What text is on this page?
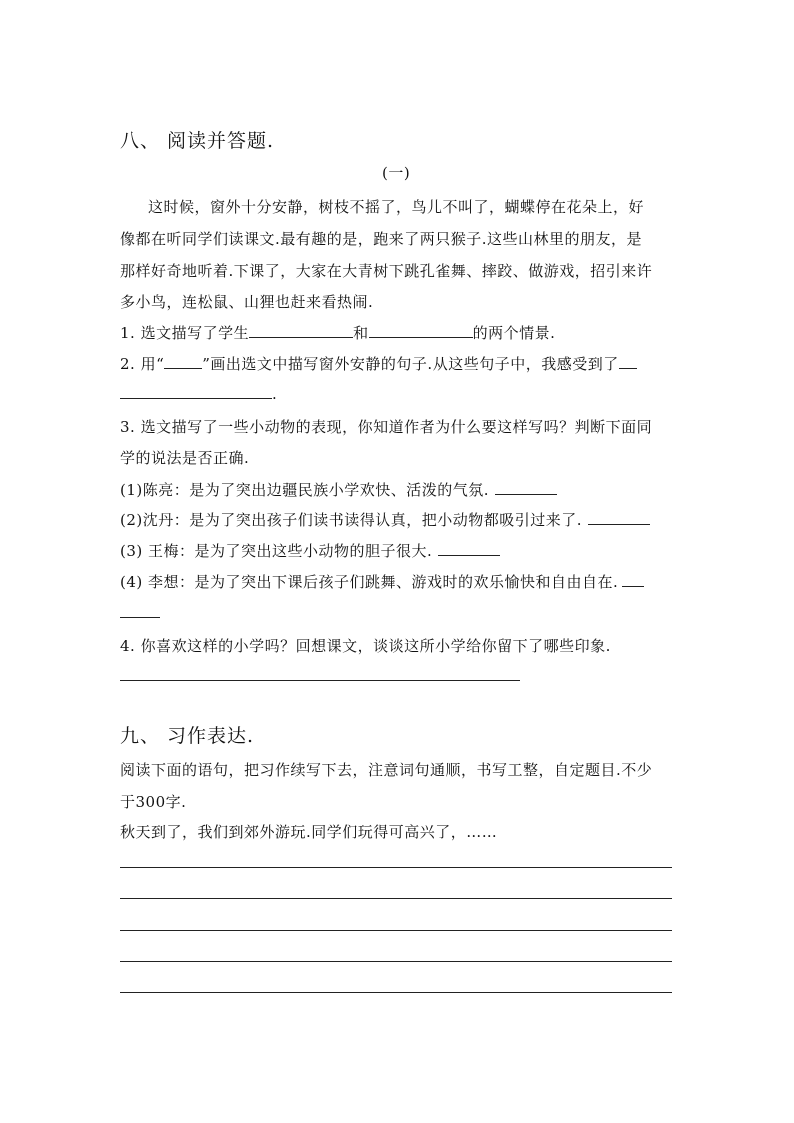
八、 阅读并答题.
(一)
这时候，窗外十分安静，树枝不摇了，鸟儿不叫了，蝴蝶停在花朵上，好
像都在听同学们读课文.最有趣的是，跑来了两只猴子.这些山林里的朋友，是
那样好奇地听着.下课了，大家在大青树下跳孔雀舞、摔跤、做游戏，招引来许
多小鸟，连松鼠、山狸也赶来看热闹.
1. 选文描写了学生	和	的两个情景.
2. 用“	”画出选文中描写窗外安静的句子.从这些句子中，我感受到了
.
3. 选文描写了一些小动物的表现，你知道作者为什么要这样写吗？判断下面同
学的说法是否正确.
(1)陈亮：是为了突出边疆民族小学欢快、活泼的气氛.
(2)沈丹：是为了突出孩子们读书读得认真，把小动物都吸引过来了.
(3) 王梅：是为了突出这些小动物的胆子很大.
(4) 李想：是为了突出下课后孩子们跳舞、游戏时的欢乐愉快和自由自在.
4. 你喜欢这样的小学吗？回想课文，谈谈这所小学给你留下了哪些印象.
九、 习作表达.
阅读下面的语句，把习作续写下去，注意词句通顺，书写工整，自定题目.不少
于300字.
秋天到了，我们到郊外游玩.同学们玩得可高兴了，……
